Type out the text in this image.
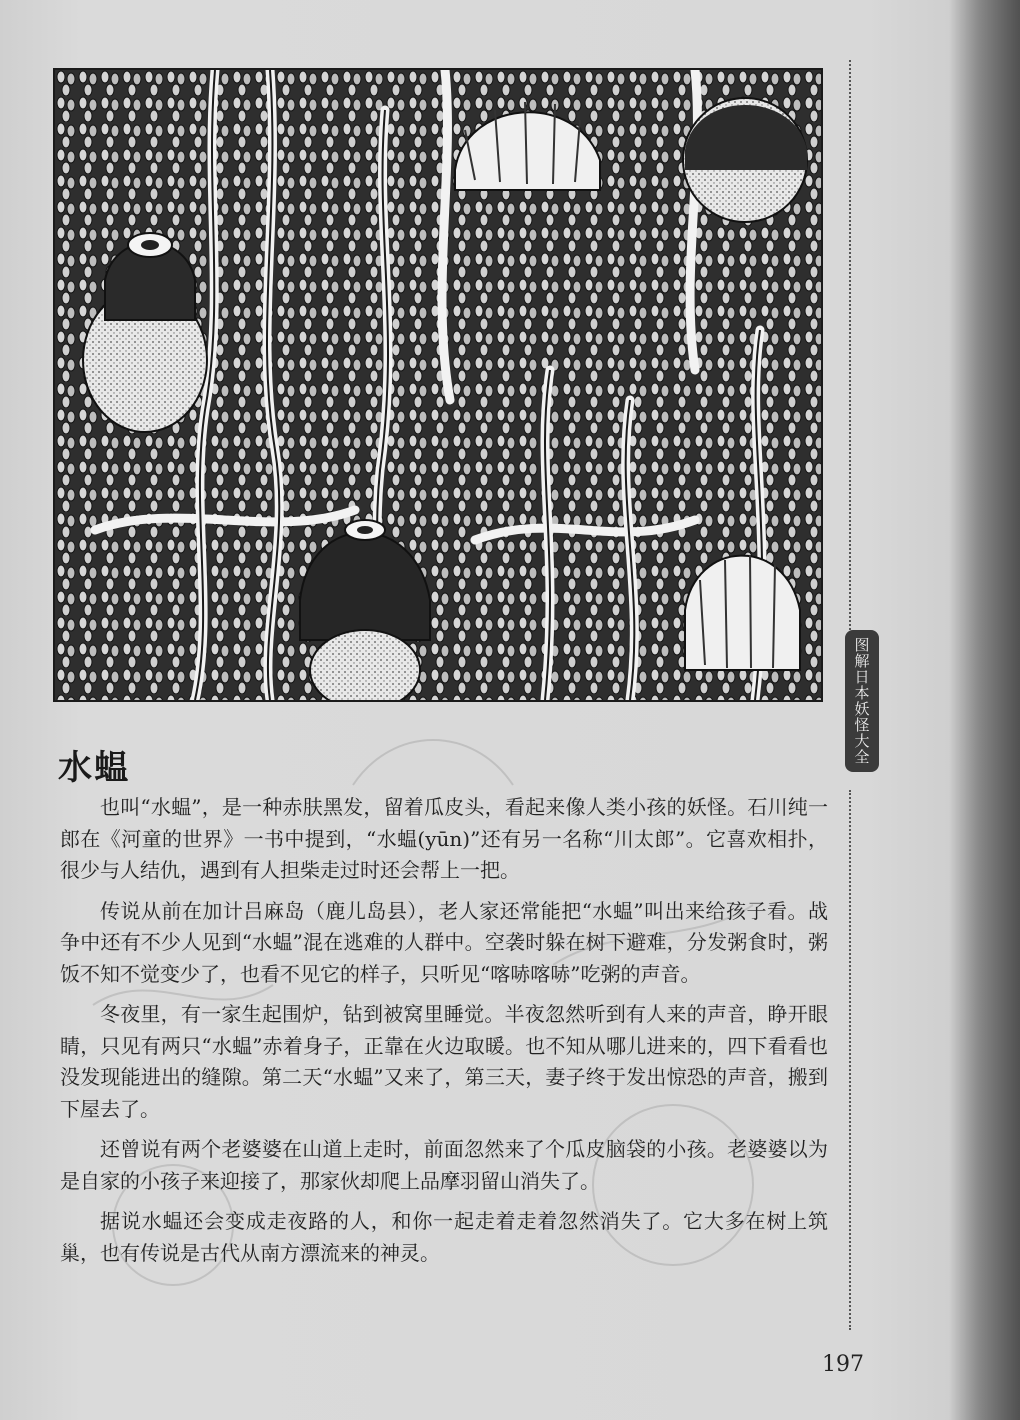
图解日本妖怪大全
水蝹

也叫“水蝹”，是一种赤肤黑发，留着瓜皮头，看起来像人类小孩的妖怪。石川纯一郎在《河童的世界》一书中提到，“水蝹(yūn)”还有另一名称“川太郎”。它喜欢相扑，很少与人结仇，遇到有人担柴走过时还会帮上一把。

传说从前在加计吕麻岛（鹿儿岛县），老人家还常能把“水蝹”叫出来给孩子看。战争中还有不少人见到“水蝹”混在逃难的人群中。空袭时躲在树下避难，分发粥食时，粥饭不知不觉变少了，也看不见它的样子，只听见“喀哧喀哧”吃粥的声音。

冬夜里，有一家生起围炉，钻到被窝里睡觉。半夜忽然听到有人来的声音，睁开眼睛，只见有两只“水蝹”赤着身子，正靠在火边取暖。也不知从哪儿进来的，四下看看也没发现能进出的缝隙。第二天“水蝹”又来了，第三天，妻子终于发出惊恐的声音，搬到下屋去了。

还曾说有两个老婆婆在山道上走时，前面忽然来了个瓜皮脑袋的小孩。老婆婆以为是自家的小孩子来迎接了，那家伙却爬上品摩羽留山消失了。

据说水蝹还会变成走夜路的人，和你一起走着走着忽然消失了。它大多在树上筑巢，也有传说是古代从南方漂流来的神灵。

197
